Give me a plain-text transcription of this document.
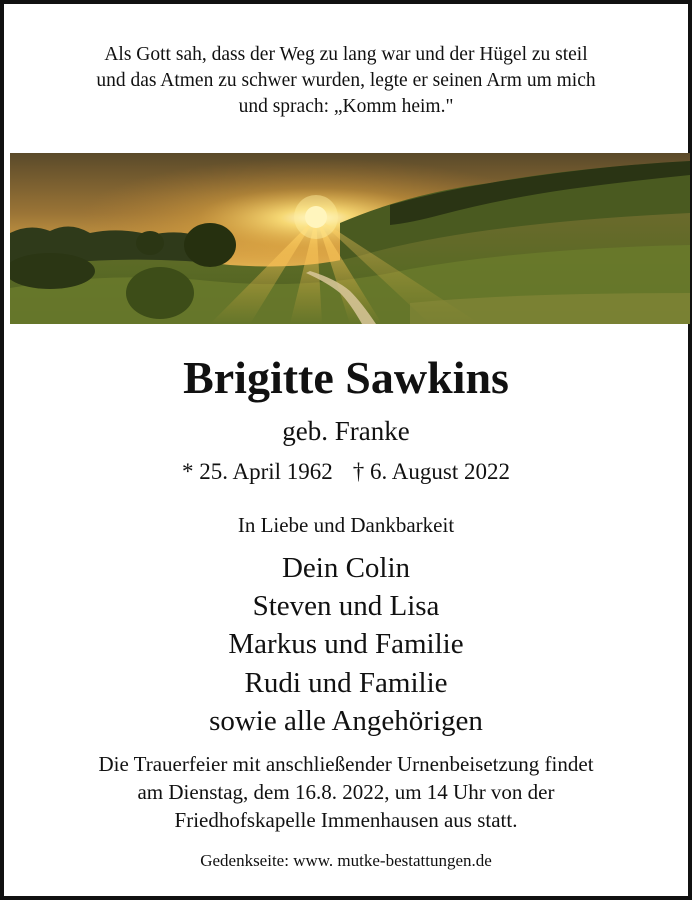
Als Gott sah, dass der Weg zu lang war und der Hügel zu steil
und das Atmen zu schwer wurden, legte er seinen Arm um mich
und sprach: „Komm heim."
Brigitte Sawkins
geb. Franke
* 25. April 1962 † 6. August 2022
In Liebe und Dankbarkeit
Dein Colin
Steven und Lisa
Markus und Familie
Rudi und Familie
sowie alle Angehörigen
Die Trauerfeier mit anschließender Urnenbeisetzung findet
am Dienstag, dem 16.8. 2022, um 14 Uhr von der
Friedhofskapelle Immenhausen aus statt.
Gedenkseite: www. mutke-bestattungen.de
